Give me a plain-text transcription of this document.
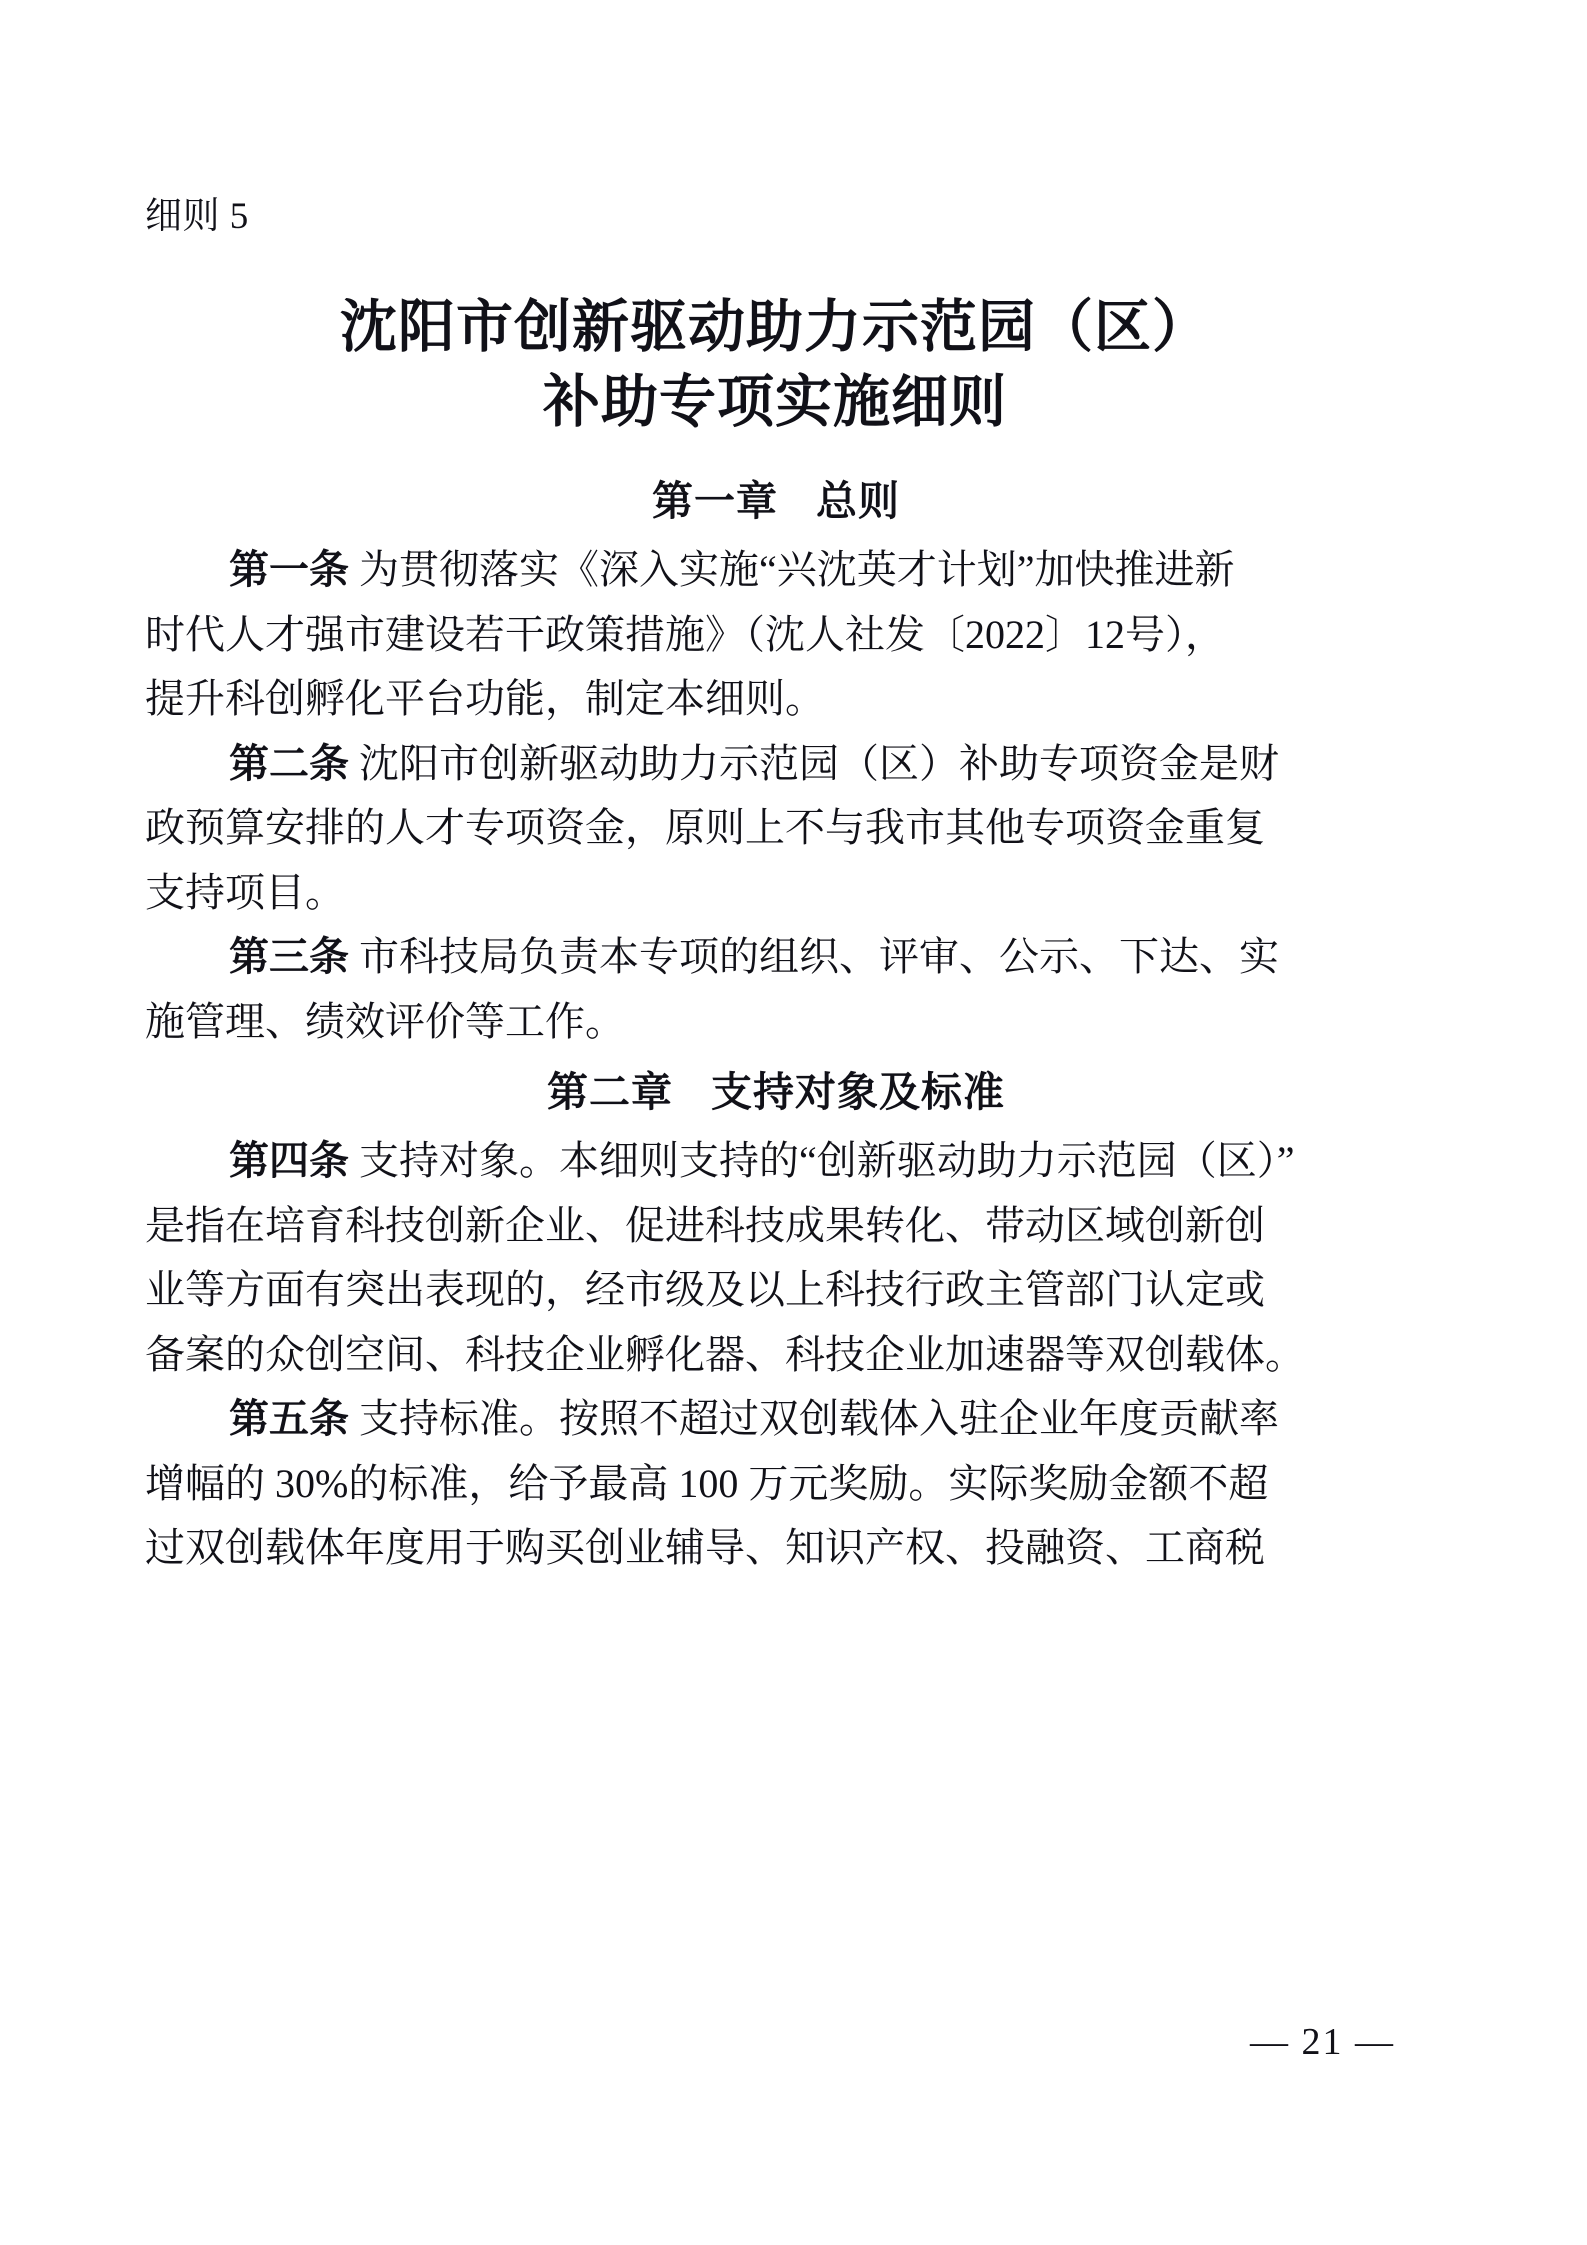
细则 5
沈阳市创新驱动助力示范园（区）
补助专项实施细则
第一章 总则
第一条 为贯彻落实《深入实施“兴沈英才计划”加快推进新
时代人才强市建设若干政策措施》（沈人社发〔2022〕12号），
提升科创孵化平台功能，制定本细则。
第二条 沈阳市创新驱动助力示范园（区）补助专项资金是财
政预算安排的人才专项资金，原则上不与我市其他专项资金重复
支持项目。
第三条 市科技局负责本专项的组织、评审、公示、下达、实
施管理、绩效评价等工作。
第二章 支持对象及标准
第四条 支持对象。本细则支持的“创新驱动助力示范园（区）”
是指在培育科技创新企业、促进科技成果转化、带动区域创新创
业等方面有突出表现的，经市级及以上科技行政主管部门认定或
备案的众创空间、科技企业孵化器、科技企业加速器等双创载体。
第五条 支持标准。按照不超过双创载体入驻企业年度贡献率
增幅的 30%的标准，给予最高 100 万元奖励。实际奖励金额不超
过双创载体年度用于购买创业辅导、知识产权、投融资、工商税
— 21 —
